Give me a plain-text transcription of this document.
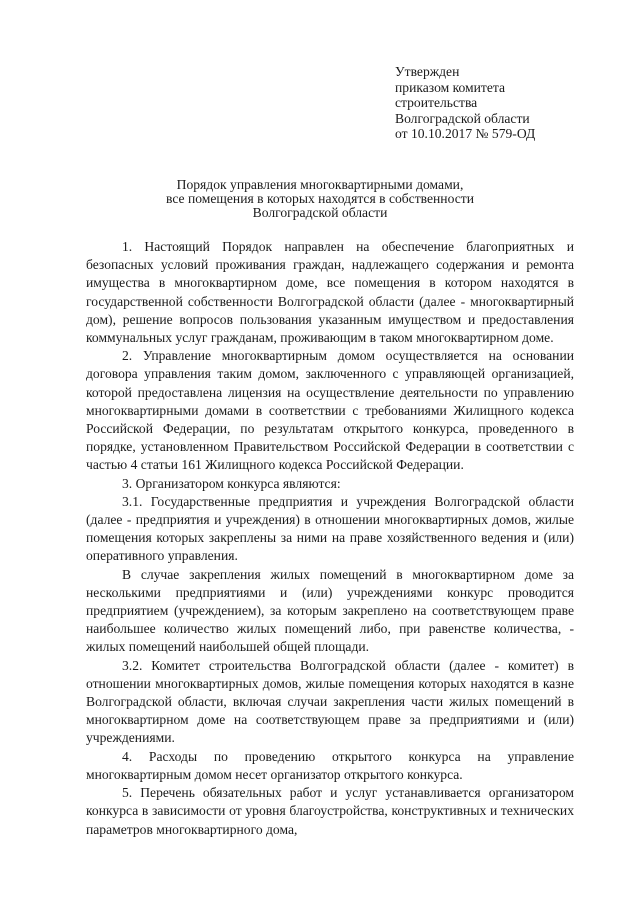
Утвержден
приказом комитета
строительства
Волгоградской области
от 10.10.2017 № 579-ОД
Порядок управления многоквартирными домами,
все помещения в которых находятся в собственности
Волгоградской области

1. Настоящий Порядок направлен на обеспечение благоприятных и безопасных условий проживания граждан, надлежащего содержания и ремонта имущества в многоквартирном доме, все помещения в котором находятся в государственной собственности Волгоградской области (далее - многоквартирный дом), решение вопросов пользования указанным имуществом и предоставления коммунальных услуг гражданам, проживающим в таком многоквартирном доме.

2. Управление многоквартирным домом осуществляется на основании договора управления таким домом, заключенного с управляющей организацией, которой предоставлена лицензия на осуществление деятельности по управлению многоквартирными домами в соответствии с требованиями Жилищного кодекса Российской Федерации, по результатам открытого конкурса, проведенного в порядке, установленном Правительством Российской Федерации в соответствии с частью 4 статьи 161 Жилищного кодекса Российской Федерации.

3. Организатором конкурса являются:

3.1. Государственные предприятия и учреждения Волгоградской области (далее - предприятия и учреждения) в отношении многоквартирных домов, жилые помещения которых закреплены за ними на праве хозяйственного ведения и (или) оперативного управления.

В случае закрепления жилых помещений в многоквартирном доме за несколькими предприятиями и (или) учреждениями конкурс проводится предприятием (учреждением), за которым закреплено на соответствующем праве наибольшее количество жилых помещений либо, при равенстве количества, - жилых помещений наибольшей общей площади.

3.2. Комитет строительства Волгоградской области (далее - комитет) в отношении многоквартирных домов, жилые помещения которых находятся в казне Волгоградской области, включая случаи закрепления части жилых помещений в многоквартирном доме на соответствующем праве за предприятиями и (или) учреждениями.

4. Расходы по проведению открытого конкурса на управление многоквартирным домом несет организатор открытого конкурса.

5. Перечень обязательных работ и услуг устанавливается организатором конкурса в зависимости от уровня благоустройства, конструктивных и технических параметров многоквартирного дома,
